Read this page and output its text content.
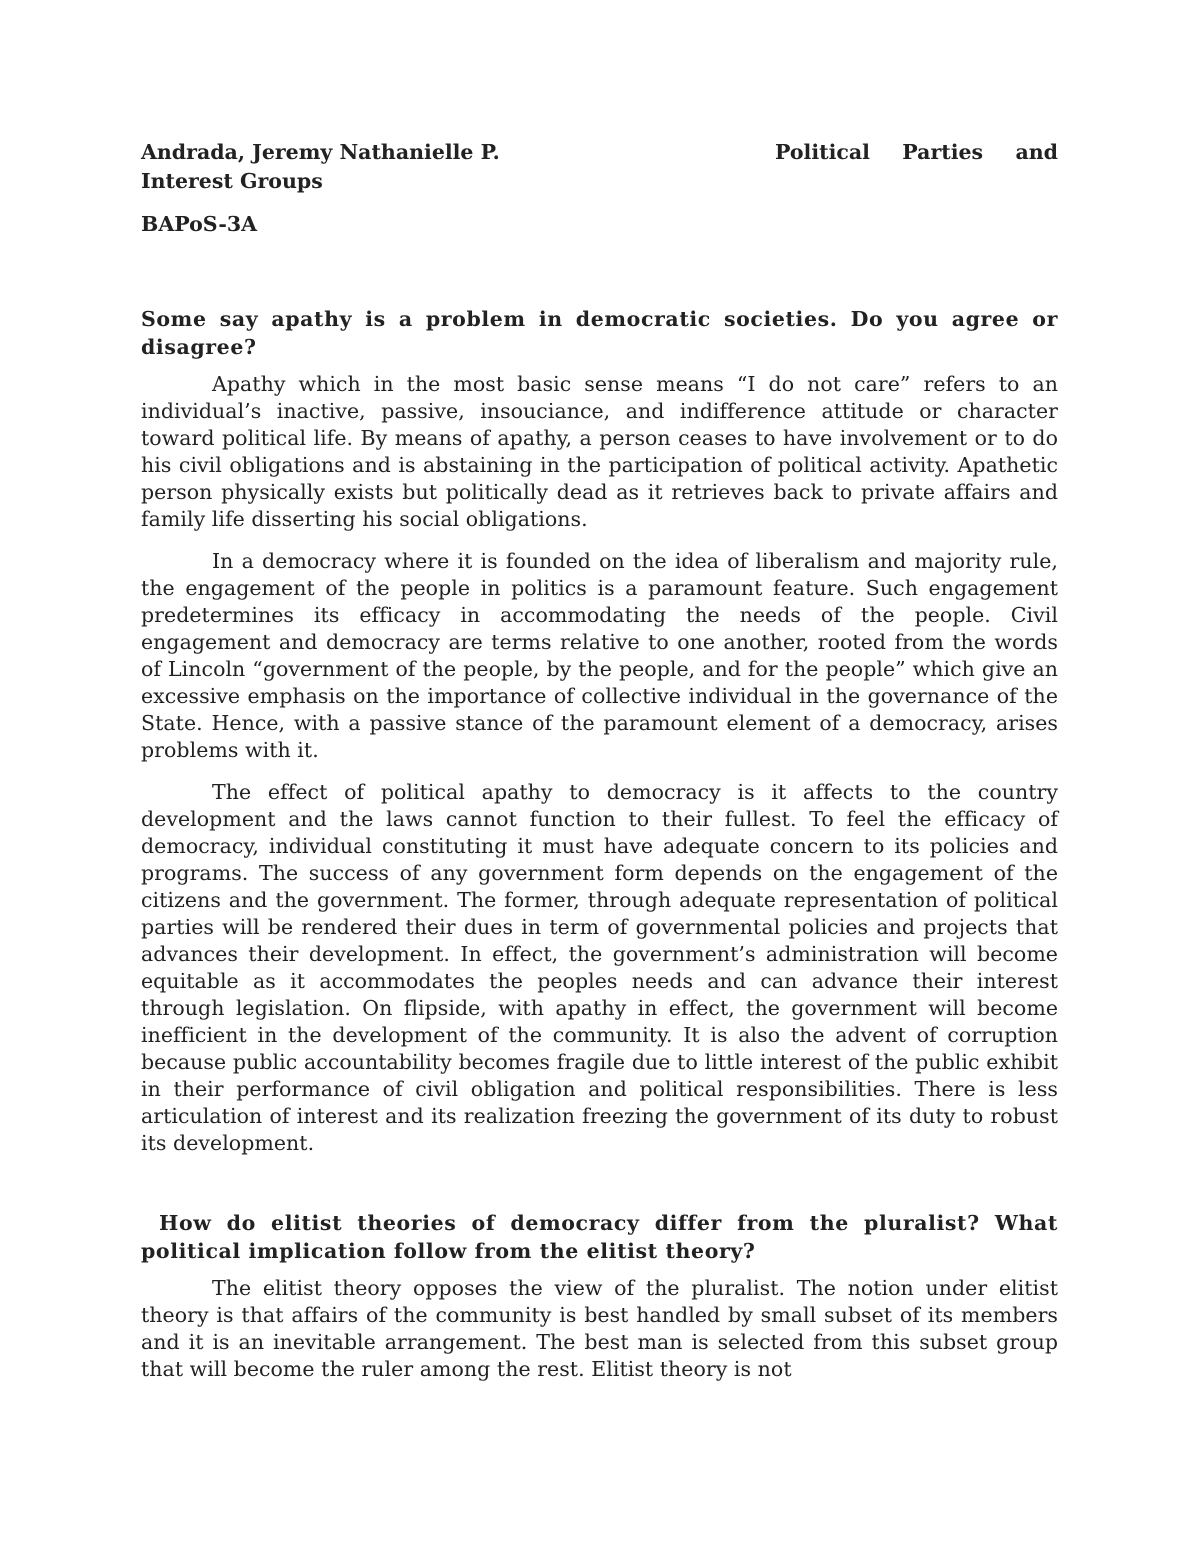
Andrada, Jeremy Nathanielle P.	Political Parties and
Interest Groups
BAPoS-3A
Some say apathy is a problem in democratic societies. Do you agree or disagree?

Apathy which in the most basic sense means “I do not care” refers to an individual’s inactive, passive, insouciance, and indifference attitude or character toward political life. By means of apathy, a person ceases to have involvement or to do his civil obligations and is abstaining in the participation of political activity. Apathetic person physically exists but politically dead as it retrieves back to private affairs and family life disserting his social obligations.

In a democracy where it is founded on the idea of liberalism and majority rule, the engagement of the people in politics is a paramount feature. Such engagement predetermines its efficacy in accommodating the needs of the people. Civil engagement and democracy are terms relative to one another, rooted from the words of Lincoln “government of the people, by the people, and for the people” which give an excessive emphasis on the importance of collective individual in the governance of the State. Hence, with a passive stance of the paramount element of a democracy, arises problems with it.

The effect of political apathy to democracy is it affects to the country development and the laws cannot function to their fullest. To feel the efficacy of democracy, individual constituting it must have adequate concern to its policies and programs. The success of any government form depends on the engagement of the citizens and the government. The former, through adequate representation of political parties will be rendered their dues in term of governmental policies and projects that advances their development. In effect, the government’s administration will become equitable as it accommodates the peoples needs and can advance their interest through legislation. On flipside, with apathy in effect, the government will become inefficient in the development of the community. It is also the advent of corruption because public accountability becomes fragile due to little interest of the public exhibit in their performance of civil obligation and political responsibilities. There is less articulation of interest and its realization freezing the government of its duty to robust its development.

How do elitist theories of democracy differ from the pluralist? What political implication follow from the elitist theory?

The elitist theory opposes the view of the pluralist. The notion under elitist theory is that affairs of the community is best handled by small subset of its members and it is an inevitable arrangement. The best man is selected from this subset group that will become the ruler among the rest. Elitist theory is not
